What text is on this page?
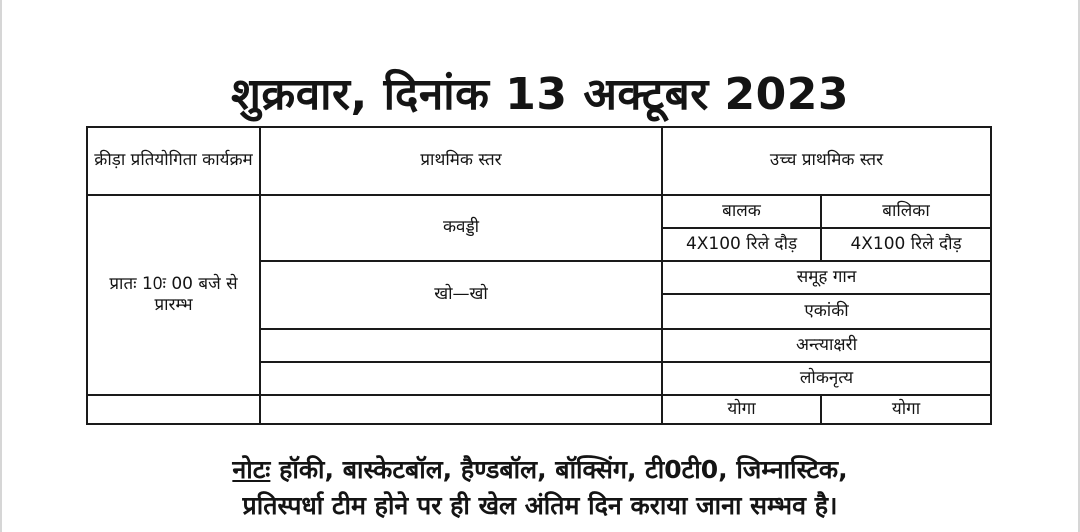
शुक्रवार, दिनांक 13 अक्टूबर 2023
क्रीड़ा प्रतियोगिता कार्यक्रम	प्राथमिक स्तर	उच्च प्राथमिक स्तर	
प्रातः 10ः 00 बजे से प्रारम्भ	कवड्डी	बालक	बालिका
		4X100 रिले दौड़	4X100 रिले दौड़
	खो—खो	समूह गान	
		एकांकी	
		अन्त्याक्षरी	
		लोकनृत्य	
		योगा	योगा
नोटः हॉकी, बास्केटबॉल, हैण्डबॉल, बॉक्सिंग, टी0टी0, जिम्नास्टिक,
प्रतिस्पर्धा टीम होने पर ही खेल अंतिम दिन कराया जाना सम्भव है।
